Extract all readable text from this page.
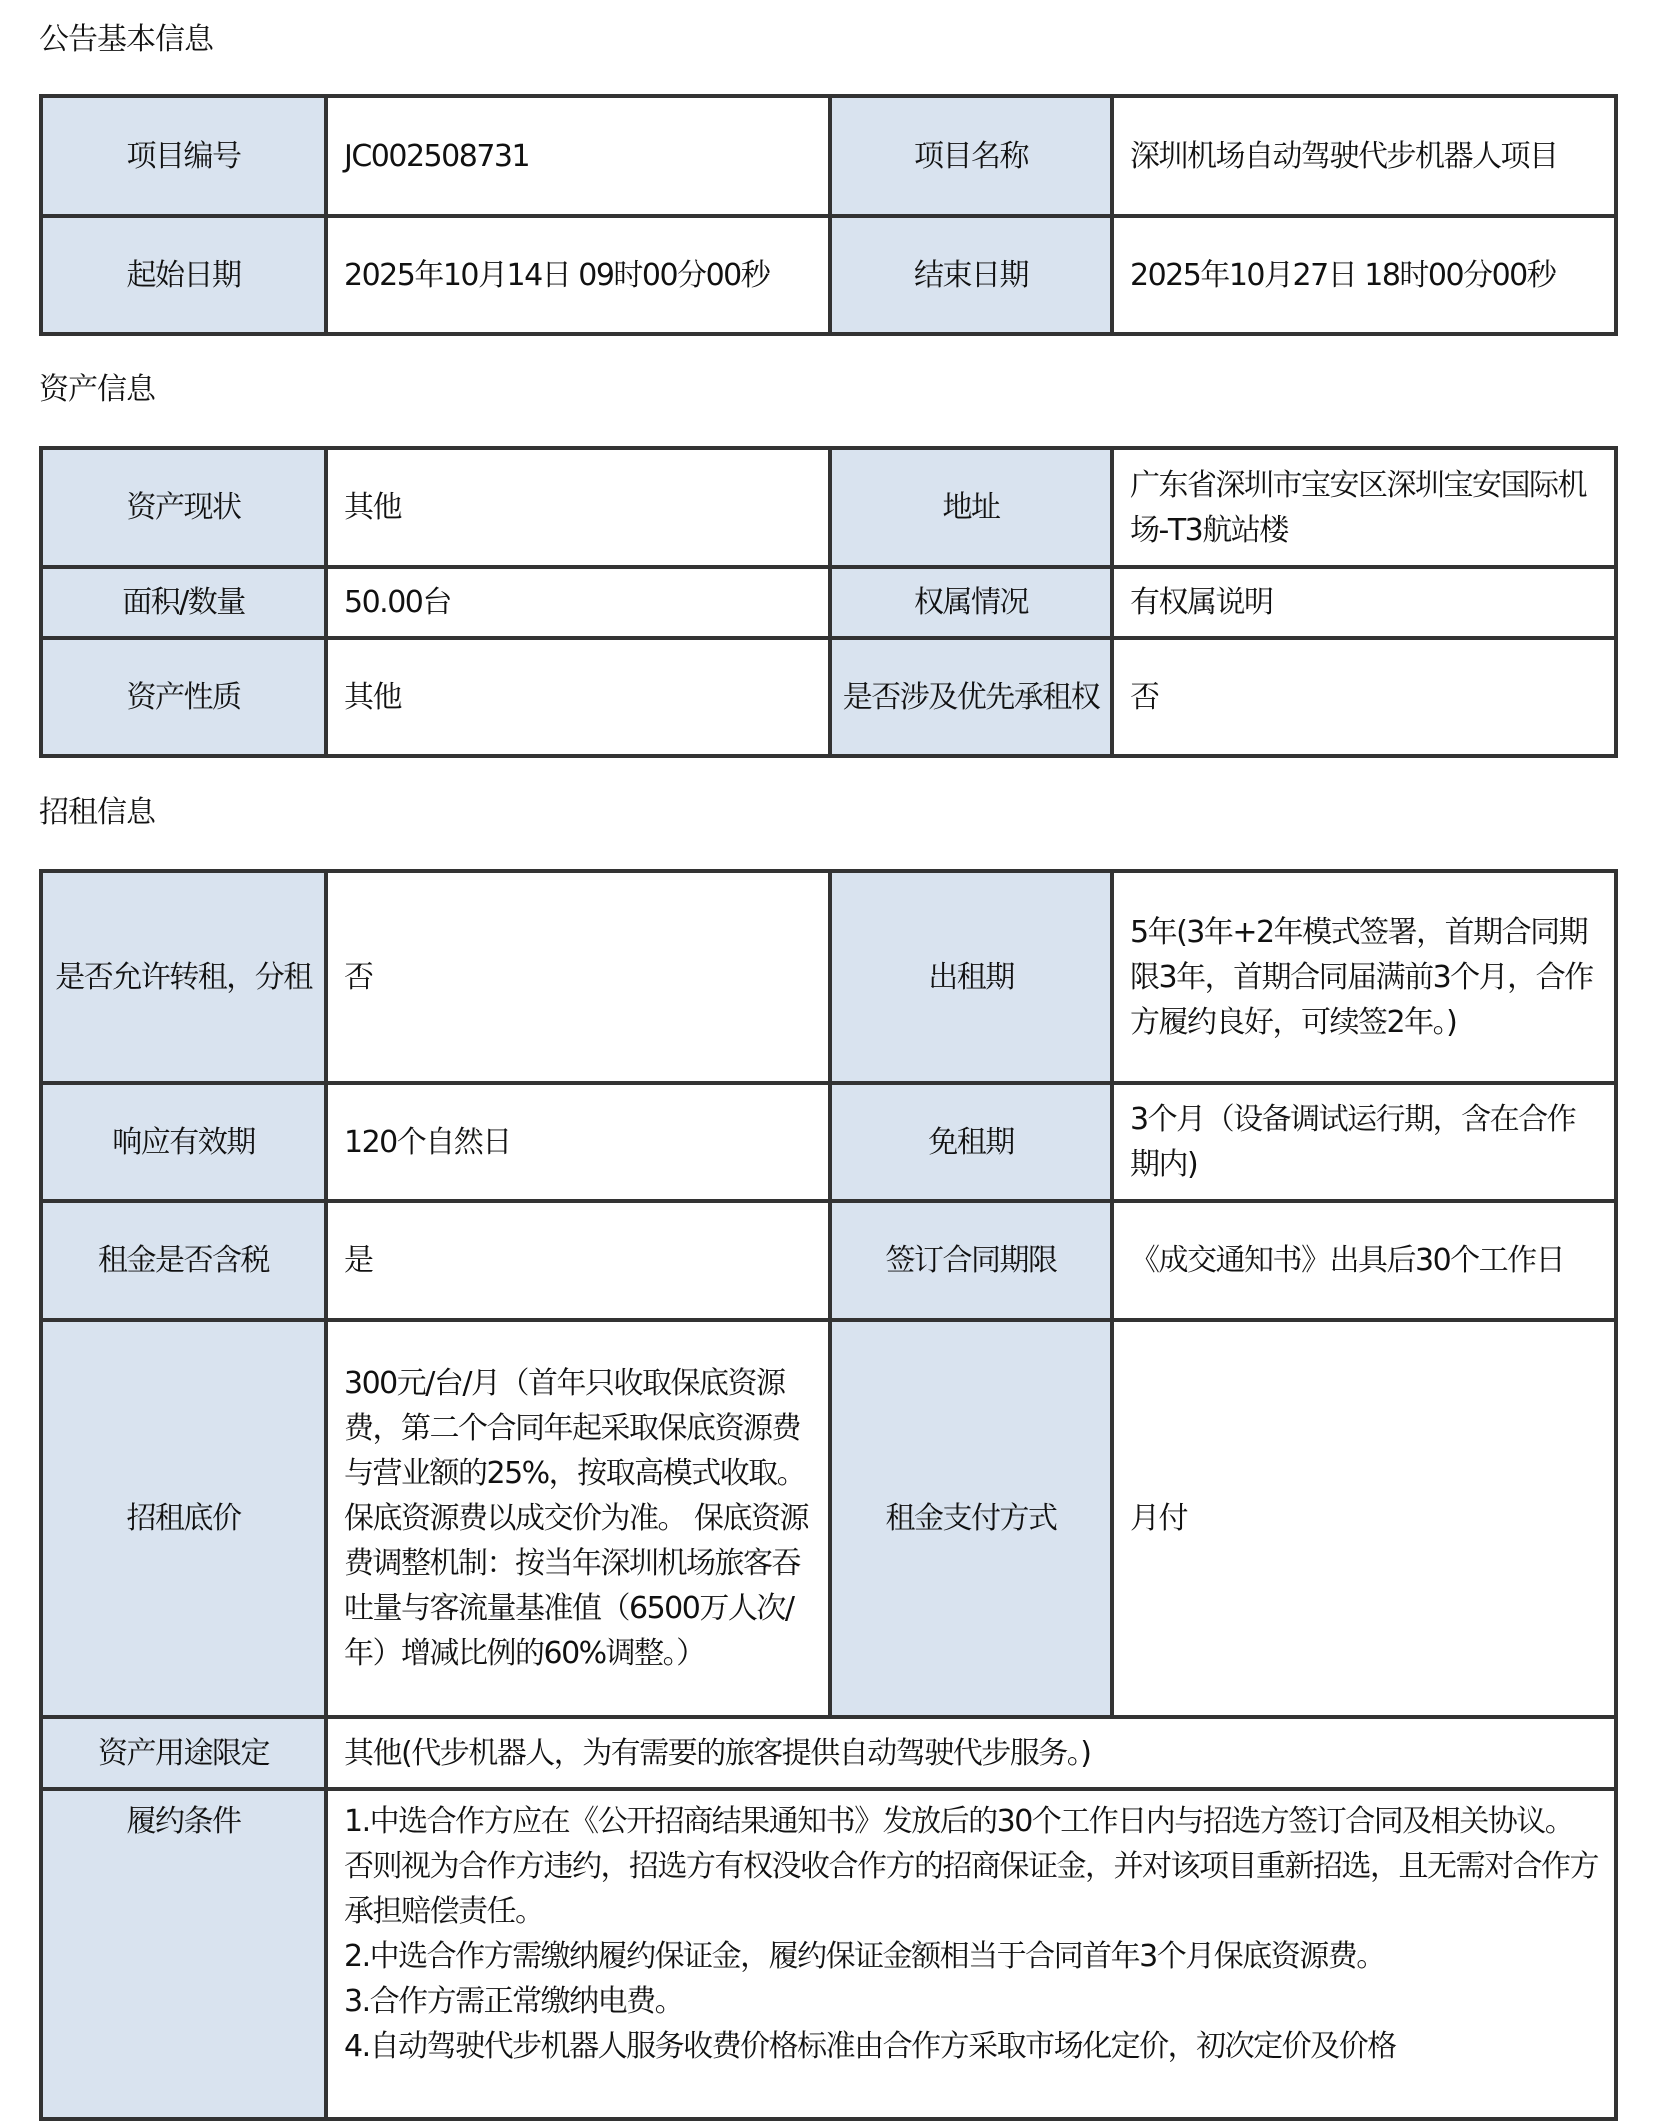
公告基本信息
项目编号	JC002508731	项目名称	深圳机场自动驾驶代步机器人项目
起始日期	2025年10月14日 09时00分00秒	结束日期	2025年10月27日 18时00分00秒
资产信息
资产现状	其他	地址	广东省深圳市宝安区深圳宝安国际机场-T3航站楼
面积/数量	50.00台	权属情况	有权属说明
资产性质	其他	是否涉及优先承租权	否
招租信息
是否允许转租，分租	否	出租期	5年(3年+2年模式签署，首期合同期限3年，首期合同届满前3个月，合作方履约良好，可续签2年。)
响应有效期	120个自然日	免租期	3个月（设备调试运行期，含在合作期内)
租金是否含税	是	签订合同期限	《成交通知书》出具后30个工作日
招租底价	300元/台/月（首年只收取保底资源费，第二个合同年起采取保底资源费与营业额的25%，按取高模式收取。保底资源费以成交价为准。 保底资源费调整机制：按当年深圳机场旅客吞吐量与客流量基准值（6500万人次/年）增减比例的60%调整。）	租金支付方式	月付
资产用途限定	其他(代步机器人，为有需要的旅客提供自动驾驶代步服务。)		
履约条件	1.中选合作方应在《公开招商结果通知书》发放后的30个工作日内与招选方签订合同及相关协议。否则视为合作方违约，招选方有权没收合作方的招商保证金，并对该项目重新招选，且无需对合作方承担赔偿责任。
2.中选合作方需缴纳履约保证金，履约保证金额相当于合同首年3个月保底资源费。
3.合作方需正常缴纳电费。
4.自动驾驶代步机器人服务收费价格标准由合作方采取市场化定价，初次定价及价格		
